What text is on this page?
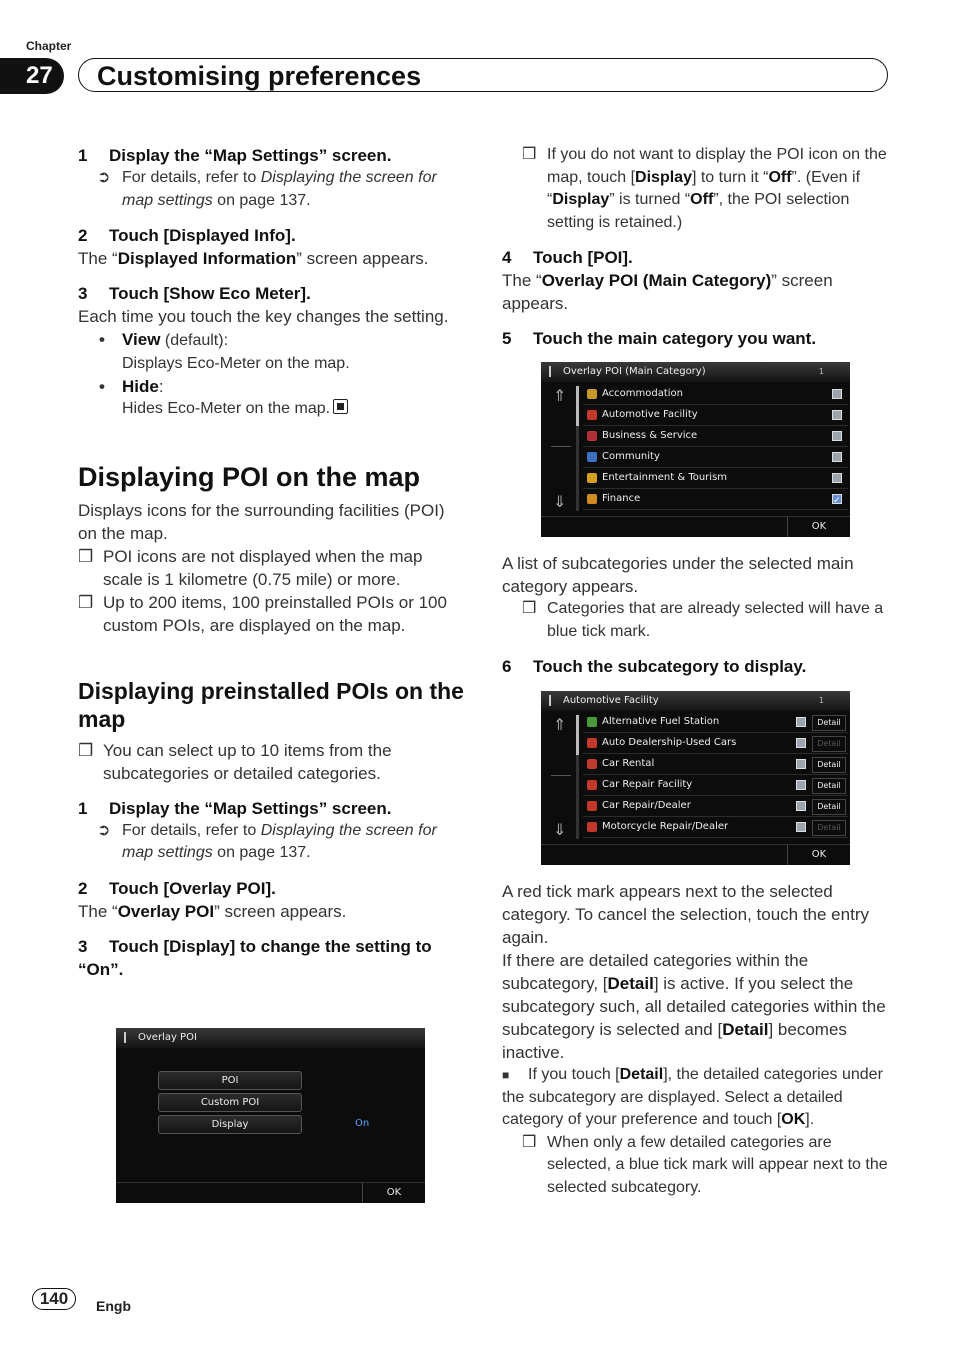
Chapter
27	Customising preferences

1 Display the “Map Settings” screen.

➲ For details, refer to Displaying the screen for map settings on page 137.

2 Touch [Displayed Info].

The “Displayed Information” screen appears.

3 Touch [Show Eco Meter].

Each time you touch the key changes the setting.

• View (default):

Displays Eco-Meter on the map.

• Hide:

Hides Eco-Meter on the map.

Displaying POI on the map

Displays icons for the surrounding facilities (POI) on the map.

❒ POI icons are not displayed when the map scale is 1 kilometre (0.75 mile) or more.

❒ Up to 200 items, 100 preinstalled POIs or 100 custom POIs, are displayed on the map.

Displaying preinstalled POIs on the map

❒ You can select up to 10 items from the subcategories or detailed categories.

1 Display the “Map Settings” screen.

➲ For details, refer to Displaying the screen for map settings on page 137.

2 Touch [Overlay POI].

The “Overlay POI” screen appears.

3 Touch [Display] to change the setting to “On”.

Overlay POI
POI
Custom POI
Display	On
OK

❒ If you do not want to display the POI icon on the map, touch [Display] to turn it “Off”. (Even if “Display” is turned “Off”, the POI selection setting is retained.)

4 Touch [POI].

The “Overlay POI (Main Category)” screen appears.

5 Touch the main category you want.

Overlay POI (Main Category)	1
⇑
⇓
Accommodation
Automotive Facility
Business & Service
Community
Entertainment & Tourism
Finance
✓
OK

A list of subcategories under the selected main category appears.

❒ Categories that are already selected will have a blue tick mark.

6 Touch the subcategory to display.

Automotive Facility	1
⇑
⇓
Alternative Fuel Station	Detail
Auto Dealership-Used Cars	Detail
Car Rental	Detail
Car Repair Facility	Detail
Car Repair/Dealer	Detail
Motorcycle Repair/Dealer	Detail
OK

A red tick mark appears next to the selected category. To cancel the selection, touch the entry again.

If there are detailed categories within the subcategory, [Detail] is active. If you select the subcategory such, all detailed categories within the subcategory is selected and [Detail] becomes inactive.

■ If you touch [Detail], the detailed categories under the subcategory are displayed. Select a detailed category of your preference and touch [OK].

❒ When only a few detailed categories are selected, a blue tick mark will appear next to the selected subcategory.

140	Engb
